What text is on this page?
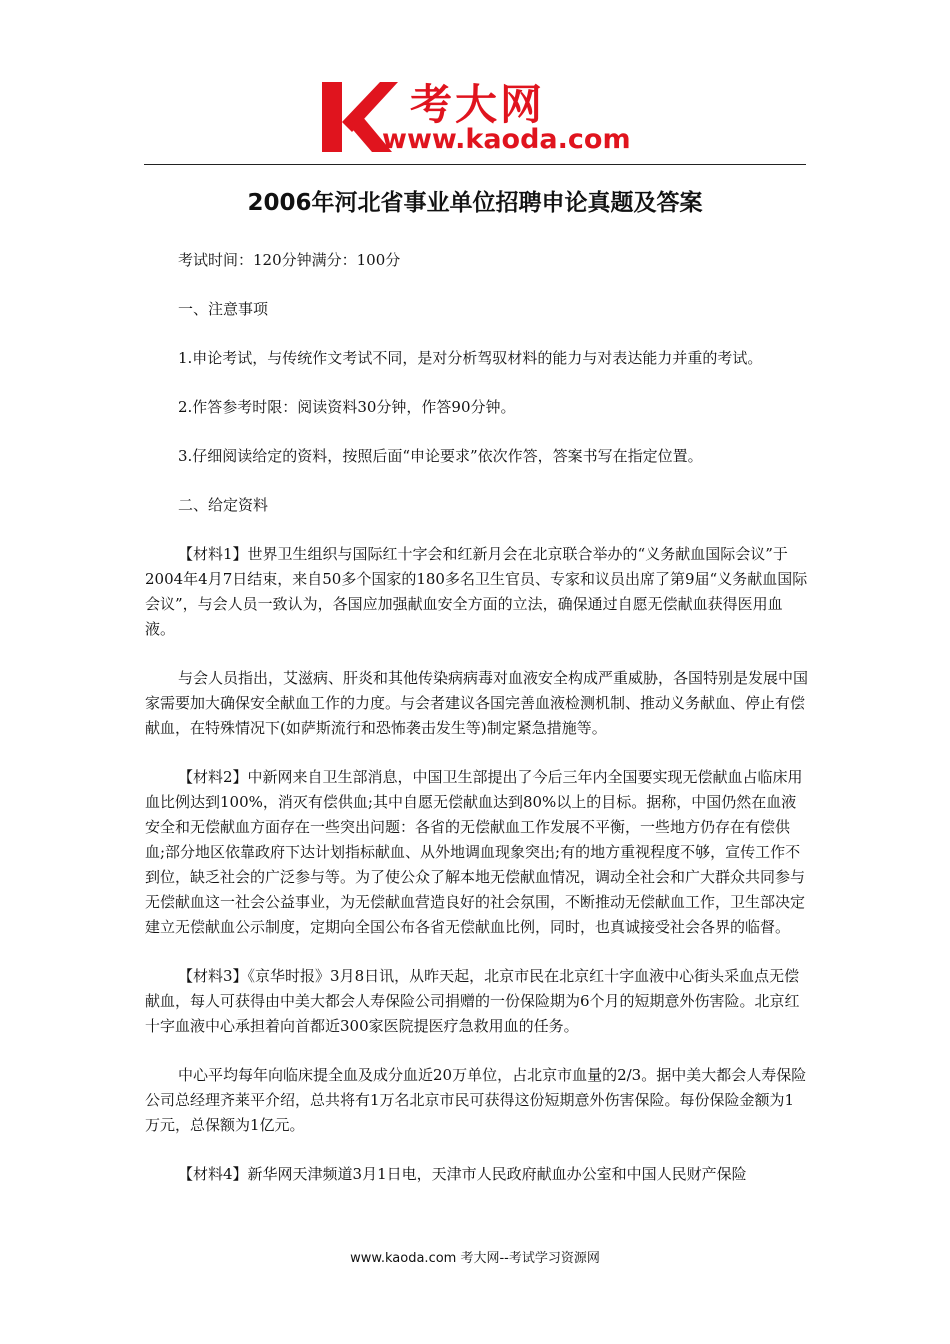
考大网
www.kaoda.com
2006年河北省事业单位招聘申论真题及答案

考试时间：120分钟满分：100分

一、注意事项

1.申论考试，与传统作文考试不同，是对分析驾驭材料的能力与对表达能力并重的考试。

2.作答参考时限：阅读资料30分钟，作答90分钟。

3.仔细阅读给定的资料，按照后面“申论要求”依次作答，答案书写在指定位置。

二、给定资料

【材料1】世界卫生组织与国际红十字会和红新月会在北京联合举办的“义务献血国际会议”于2004年4月7日结束，来自50多个国家的180多名卫生官员、专家和议员出席了第9届“义务献血国际会议”，与会人员一致认为，各国应加强献血安全方面的立法，确保通过自愿无偿献血获得医用血液。

与会人员指出，艾滋病、肝炎和其他传染病病毒对血液安全构成严重威胁，各国特别是发展中国家需要加大确保安全献血工作的力度。与会者建议各国完善血液检测机制、推动义务献血、停止有偿献血，在特殊情况下(如萨斯流行和恐怖袭击发生等)制定紧急措施等。

【材料2】中新网来自卫生部消息，中国卫生部提出了今后三年内全国要实现无偿献血占临床用血比例达到100%，消灭有偿供血;其中自愿无偿献血达到80%以上的目标。据称，中国仍然在血液安全和无偿献血方面存在一些突出问题：各省的无偿献血工作发展不平衡，一些地方仍存在有偿供血;部分地区依靠政府下达计划指标献血、从外地调血现象突出;有的地方重视程度不够，宣传工作不到位，缺乏社会的广泛参与等。为了使公众了解本地无偿献血情况，调动全社会和广大群众共同参与无偿献血这一社会公益事业，为无偿献血营造良好的社会氛围，不断推动无偿献血工作，卫生部决定建立无偿献血公示制度，定期向全国公布各省无偿献血比例，同时，也真诚接受社会各界的临督。

【材料3】《京华时报》3月8日讯，从昨天起，北京市民在北京红十字血液中心街头采血点无偿献血，每人可获得由中美大都会人寿保险公司捐赠的一份保险期为6个月的短期意外伤害险。北京红十字血液中心承担着向首都近300家医院提医疗急救用血的任务。

中心平均每年向临床提全血及成分血近20万单位，占北京市血量的2/3。据中美大都会人寿保险公司总经理齐莱平介绍，总共将有1万名北京市民可获得这份短期意外伤害保险。每份保险金额为1万元，总保额为1亿元。

【材料4】新华网天津频道3月1日电，天津市人民政府献血办公室和中国人民财产保险

www.kaoda.com 考大网--考试学习资源网
